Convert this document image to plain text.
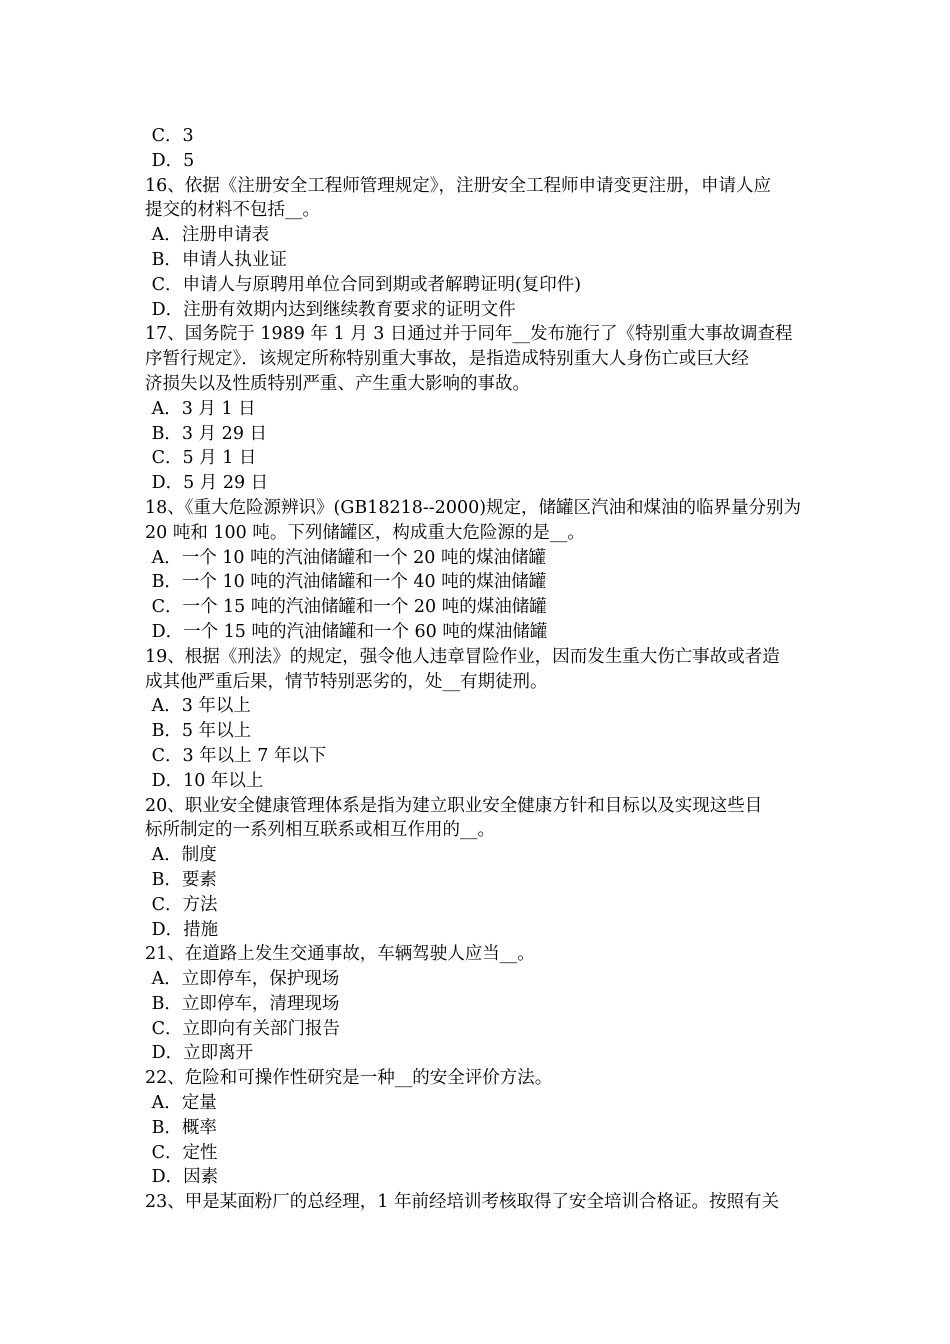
C．3
D．5
16、依据《注册安全工程师管理规定》，注册安全工程师申请变更注册，申请人应
提交的材料不包括__。
A．注册申请表
B．申请人执业证
C．申请人与原聘用单位合同到期或者解聘证明(复印件)
D．注册有效期内达到继续教育要求的证明文件
17、国务院于 1989 年 1 月 3 日通过并于同年__发布施行了《特别重大事故调查程
序暂行规定》．该规定所称特别重大事故，是指造成特别重大人身伤亡或巨大经
济损失以及性质特别严重、产生重大影响的事故。
A．3 月 1 日
B．3 月 29 日
C．5 月 1 日
D．5 月 29 日
18、《重大危险源辨识》(GB18218--2000)规定，储罐区汽油和煤油的临界量分别为
20 吨和 100 吨。下列储罐区，构成重大危险源的是__。
A．一个 10 吨的汽油储罐和一个 20 吨的煤油储罐
B．一个 10 吨的汽油储罐和一个 40 吨的煤油储罐
C．一个 15 吨的汽油储罐和一个 20 吨的煤油储罐
D．一个 15 吨的汽油储罐和一个 60 吨的煤油储罐
19、根据《刑法》的规定，强令他人违章冒险作业，因而发生重大伤亡事故或者造
成其他严重后果，情节特别恶劣的，处__有期徒刑。
A．3 年以上
B．5 年以上
C．3 年以上 7 年以下
D．10 年以上
20、职业安全健康管理体系是指为建立职业安全健康方针和目标以及实现这些目
标所制定的一系列相互联系或相互作用的__。
A．制度
B．要素
C．方法
D．措施
21、在道路上发生交通事故，车辆驾驶人应当__。
A．立即停车，保护现场
B．立即停车，清理现场
C．立即向有关部门报告
D．立即离开
22、危险和可操作性研究是一种__的安全评价方法。
A．定量
B．概率
C．定性
D．因素
23、甲是某面粉厂的总经理，1 年前经培训考核取得了安全培训合格证。按照有关
